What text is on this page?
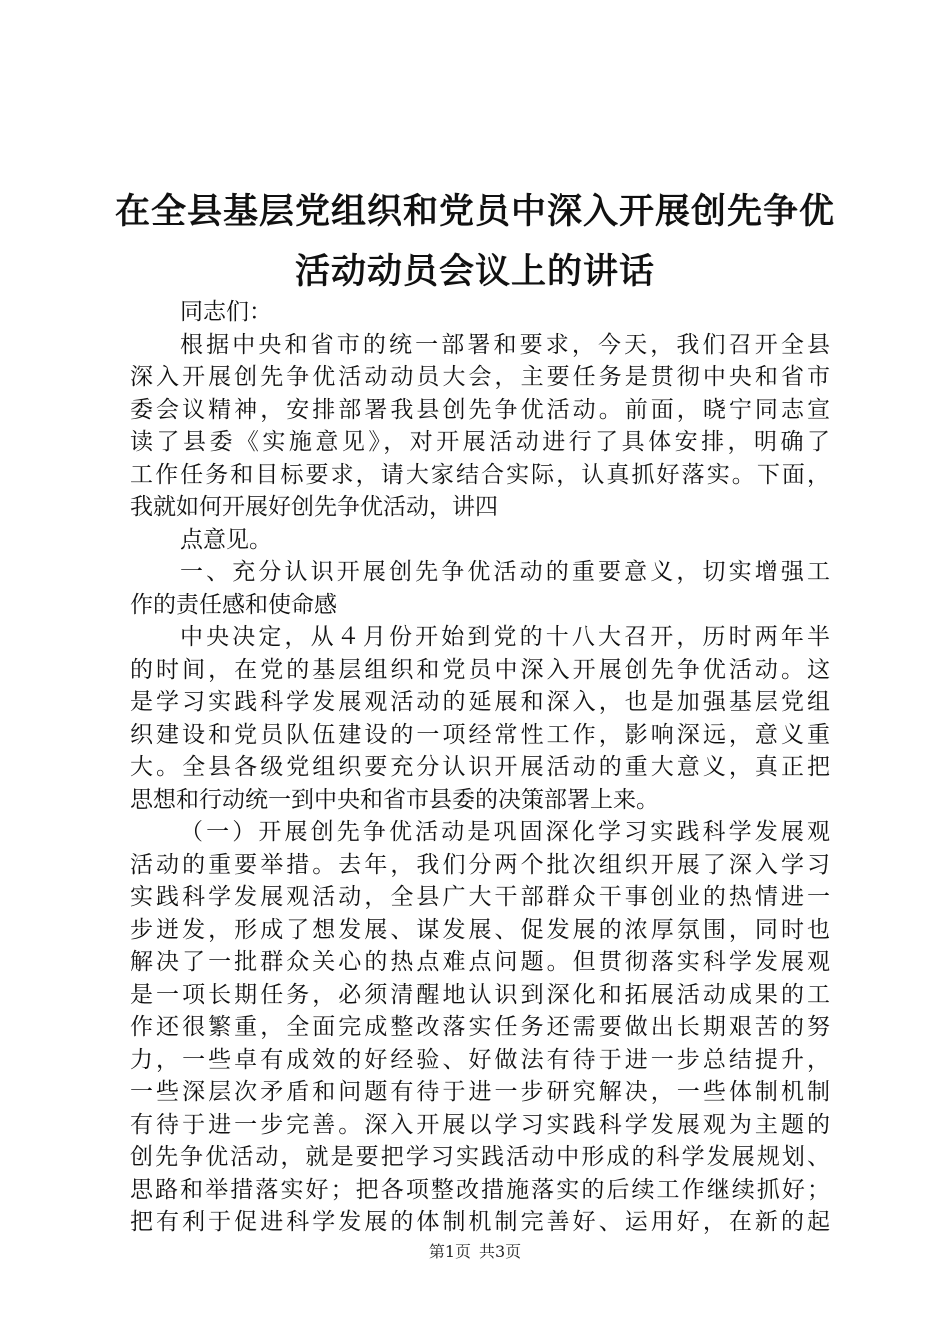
在全县基层党组织和党员中深入开展创先争优
活动动员会议上的讲话
同志们：
根据中央和省市的统一部署和要求，今天，我们召开全县
深入开展创先争优活动动员大会，主要任务是贯彻中央和省市
委会议精神，安排部署我县创先争优活动。前面，晓宁同志宣
读了县委《实施意见》，对开展活动进行了具体安排，明确了
工作任务和目标要求，请大家结合实际，认真抓好落实。下面，
我就如何开展好创先争优活动，讲四
点意见。
一、充分认识开展创先争优活动的重要意义，切实增强工
作的责任感和使命感
中央决定，从４月份开始到党的十八大召开，历时两年半
的时间，在党的基层组织和党员中深入开展创先争优活动。这
是学习实践科学发展观活动的延展和深入，也是加强基层党组
织建设和党员队伍建设的一项经常性工作，影响深远，意义重
大。全县各级党组织要充分认识开展活动的重大意义，真正把
思想和行动统一到中央和省市县委的决策部署上来。
（一）开展创先争优活动是巩固深化学习实践科学发展观
活动的重要举措。去年，我们分两个批次组织开展了深入学习
实践科学发展观活动，全县广大干部群众干事创业的热情进一
步迸发，形成了想发展、谋发展、促发展的浓厚氛围，同时也
解决了一批群众关心的热点难点问题。但贯彻落实科学发展观
是一项长期任务，必须清醒地认识到深化和拓展活动成果的工
作还很繁重，全面完成整改落实任务还需要做出长期艰苦的努
力，一些卓有成效的好经验、好做法有待于进一步总结提升，
一些深层次矛盾和问题有待于进一步研究解决，一些体制机制
有待于进一步完善。深入开展以学习实践科学发展观为主题的
创先争优活动，就是要把学习实践活动中形成的科学发展规划、
思路和举措落实好；把各项整改措施落实的后续工作继续抓好；
把有利于促进科学发展的体制机制完善好、运用好，在新的起
第1页 共3页
